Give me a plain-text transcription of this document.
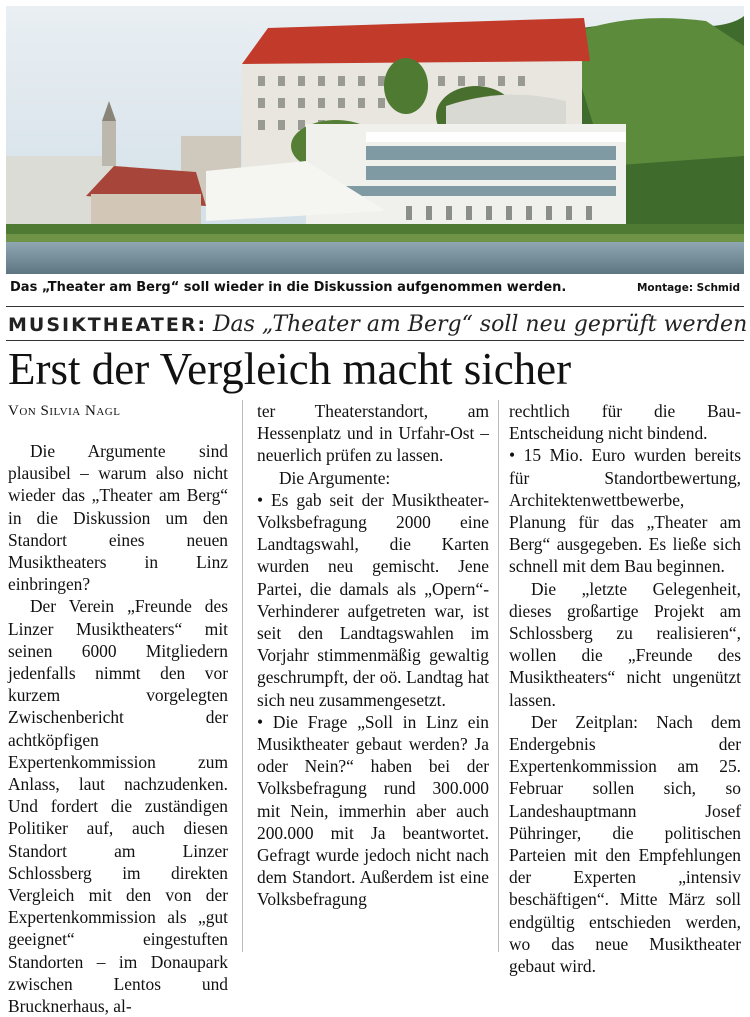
Das „Theater am Berg“ soll wieder in die Diskussion aufgenommen werden.	Montage: Schmid
MUSIKTHEATER: Das „Theater am Berg“ soll neu geprüft werden
Erst der Vergleich macht sicher

Von Silvia Nagl

Die Argumente sind plausibel – warum also nicht wieder das „Theater am Berg“ in die Diskussion um den Standort eines neuen Musiktheaters in Linz einbringen?

Der Verein „Freunde des Linzer Musiktheaters“ mit seinen 6000 Mitgliedern jedenfalls nimmt den vor kurzem vorgelegten Zwischenbericht der achtköpfigen Expertenkommission zum Anlass, laut nachzudenken. Und fordert die zuständigen Politiker auf, auch diesen Standort am Linzer Schlossberg im direkten Vergleich mit den von der Expertenkommission als „gut geeignet“ eingestuften Standorten – im Donaupark zwischen Lentos und Brucknerhaus, al-

ter Theaterstandort, am Hessenplatz und in Urfahr-Ost – neuerlich prüfen zu lassen.

Die Argumente:

• Es gab seit der Musiktheater-Volksbefragung 2000 eine Landtagswahl, die Karten wurden neu gemischt. Jene Partei, die damals als „Opern“-Verhinderer aufgetreten war, ist seit den Landtagswahlen im Vorjahr stimmenmäßig gewaltig geschrumpft, der oö. Landtag hat sich neu zusammengesetzt.

• Die Frage „Soll in Linz ein Musiktheater gebaut werden? Ja oder Nein?“ haben bei der Volksbefragung rund 300.000 mit Nein, immerhin aber auch 200.000 mit Ja beantwortet. Gefragt wurde jedoch nicht nach dem Standort. Außerdem ist eine Volksbefragung

rechtlich für die Bau-Entscheidung nicht bindend.

• 15 Mio. Euro wurden bereits für Standortbewertung, Architektenwettbewerbe, Planung für das „Theater am Berg“ ausgegeben. Es ließe sich schnell mit dem Bau beginnen.

Die „letzte Gelegenheit, dieses großartige Projekt am Schlossberg zu realisieren“, wollen die „Freunde des Musiktheaters“ nicht ungenützt lassen.

Der Zeitplan: Nach dem Endergebnis der Expertenkommission am 25. Februar sollen sich, so Landeshauptmann Josef Pühringer, die politischen Parteien mit den Empfehlungen der Experten „intensiv beschäftigen“. Mitte März soll endgültig entschieden werden, wo das neue Musiktheater gebaut wird.
